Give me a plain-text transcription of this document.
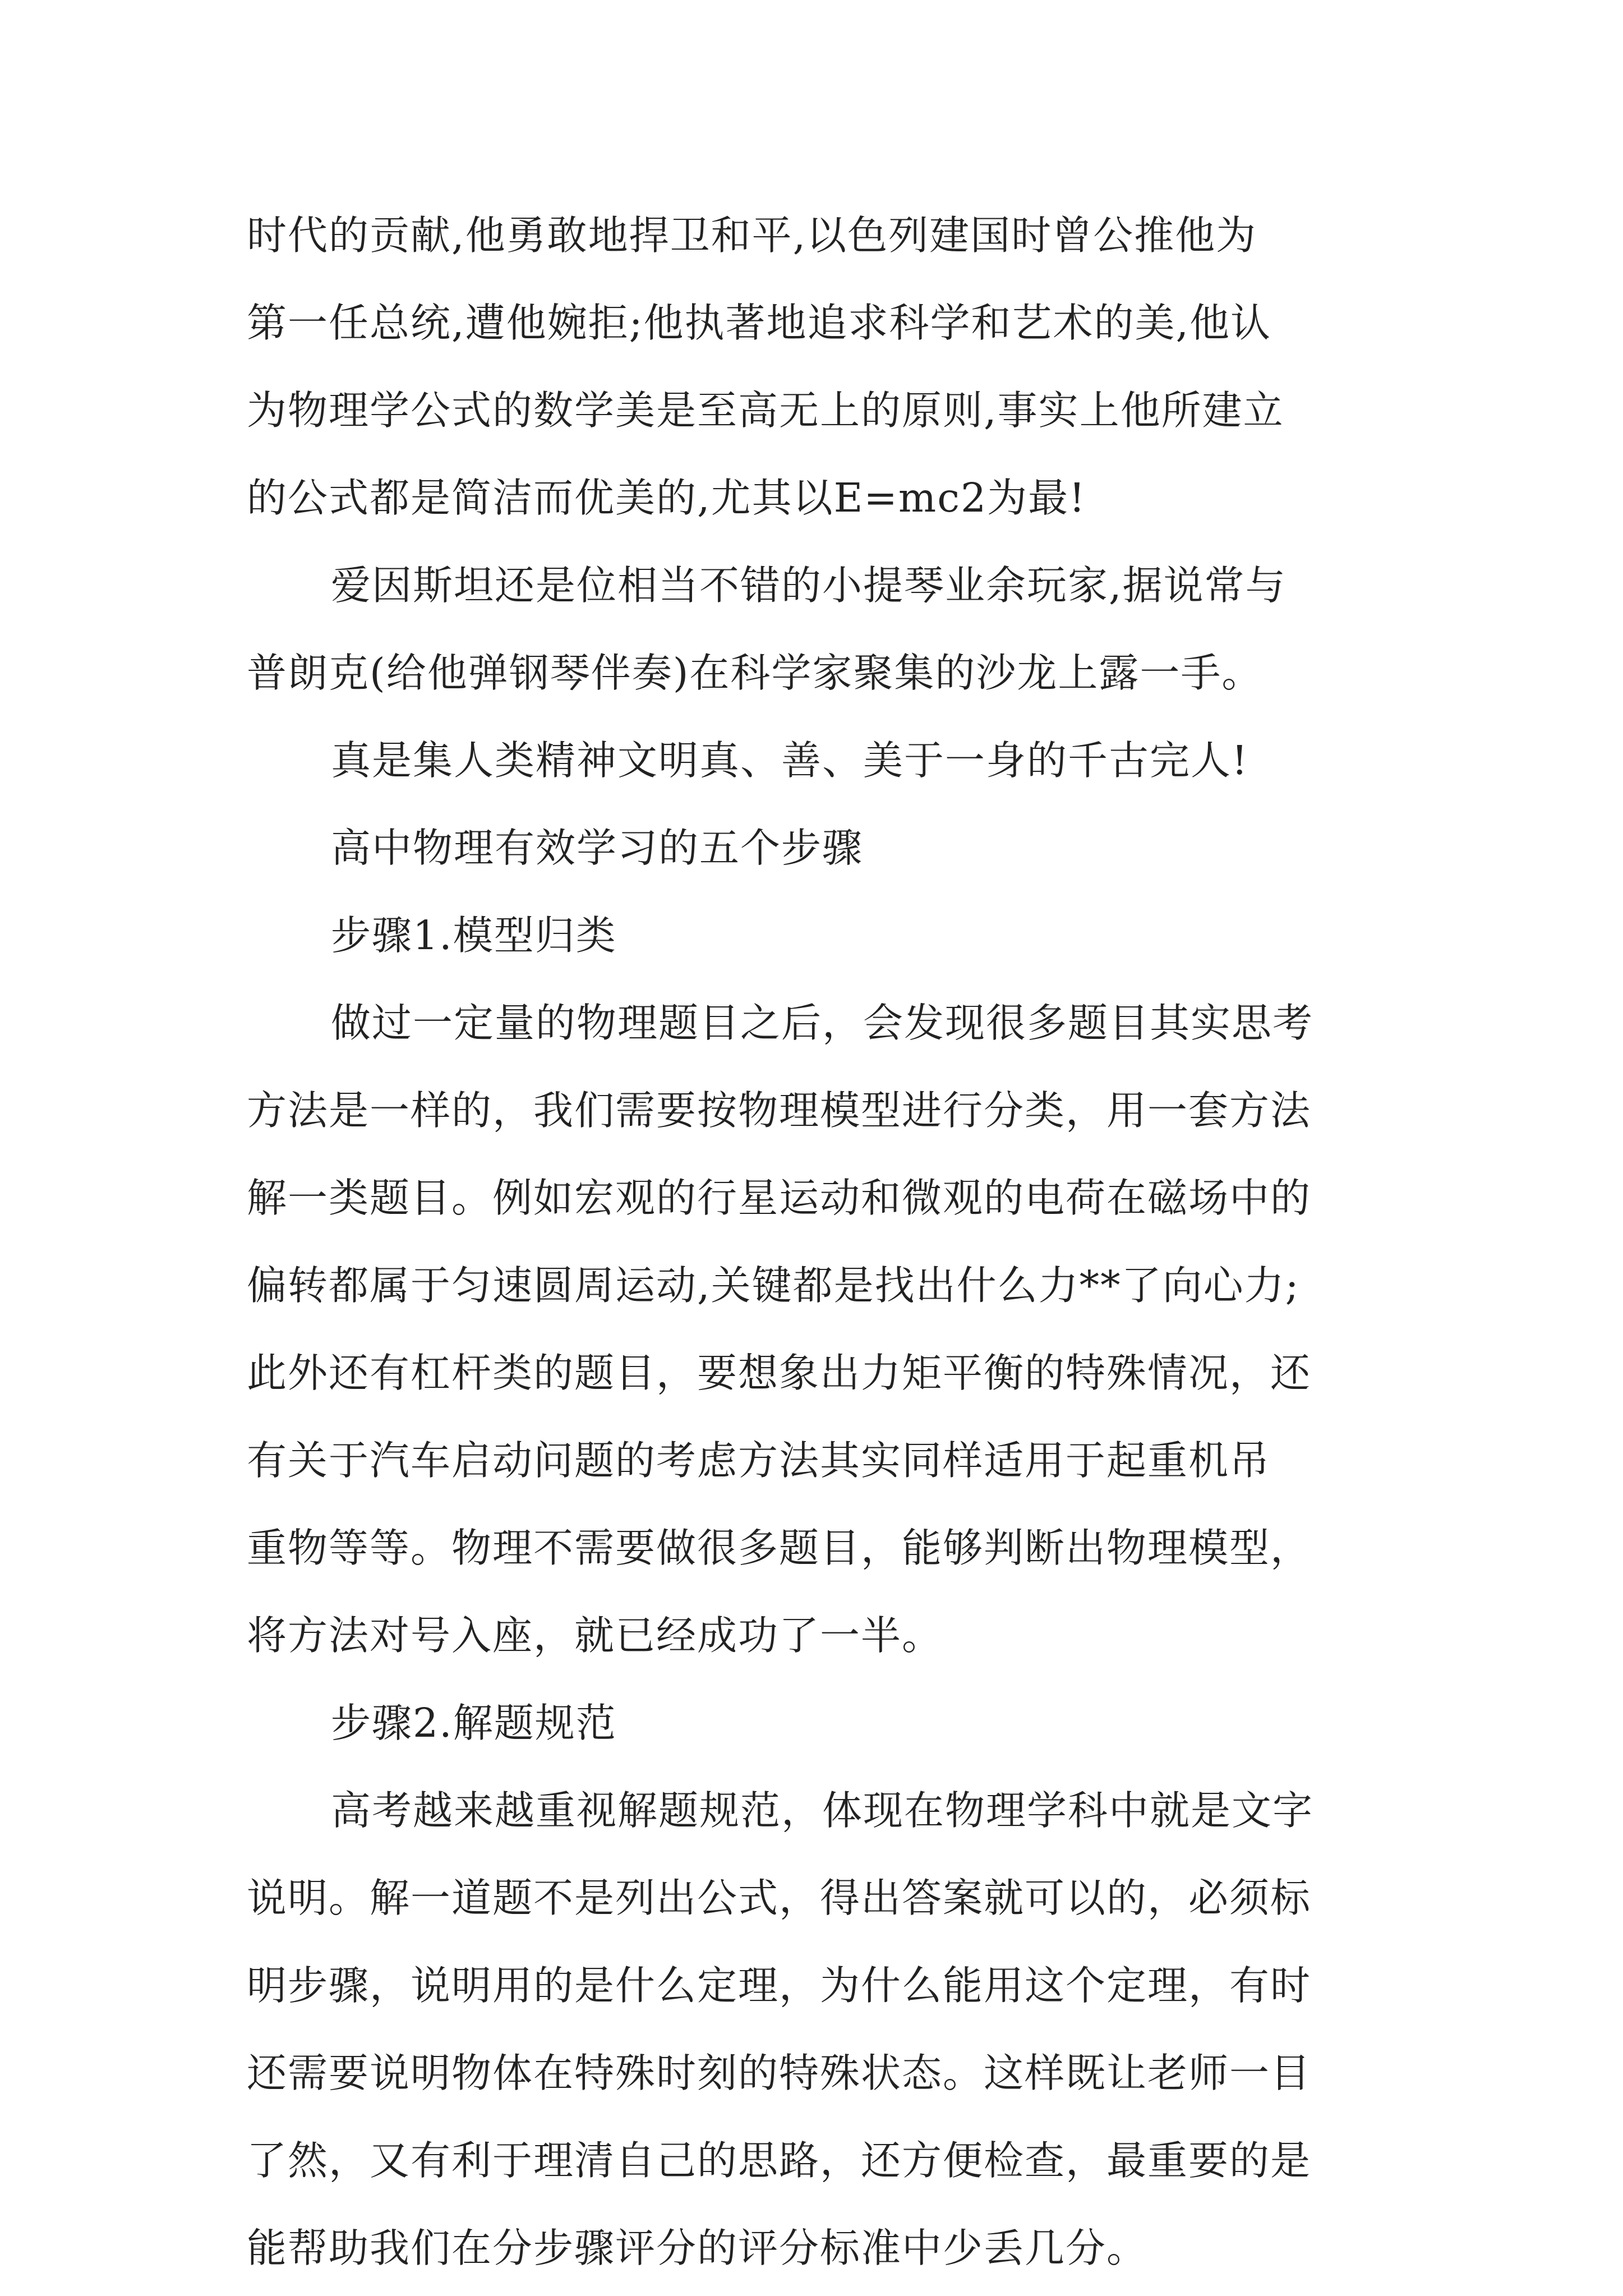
时代的贡献,他勇敢地捍卫和平,以色列建国时曾公推他为

第一任总统,遭他婉拒;他执著地追求科学和艺术的美,他认

为物理学公式的数学美是至高无上的原则,事实上他所建立

的公式都是简洁而优美的,尤其以E=mc2为最!

爱因斯坦还是位相当不错的小提琴业余玩家,据说常与

普朗克(给他弹钢琴伴奏)在科学家聚集的沙龙上露一手。

真是集人类精神文明真、善、美于一身的千古完人!

高中物理有效学习的五个步骤

步骤1.模型归类

做过一定量的物理题目之后，会发现很多题目其实思考

方法是一样的，我们需要按物理模型进行分类，用一套方法

解一类题目。例如宏观的行星运动和微观的电荷在磁场中的

偏转都属于匀速圆周运动,关键都是找出什么力**了向心力;

此外还有杠杆类的题目，要想象出力矩平衡的特殊情况，还

有关于汽车启动问题的考虑方法其实同样适用于起重机吊

重物等等。物理不需要做很多题目，能够判断出物理模型，

将方法对号入座，就已经成功了一半。

步骤2.解题规范

高考越来越重视解题规范，体现在物理学科中就是文字

说明。解一道题不是列出公式，得出答案就可以的，必须标

明步骤，说明用的是什么定理，为什么能用这个定理，有时

还需要说明物体在特殊时刻的特殊状态。这样既让老师一目

了然，又有利于理清自己的思路，还方便检查，最重要的是

能帮助我们在分步骤评分的评分标准中少丢几分。
